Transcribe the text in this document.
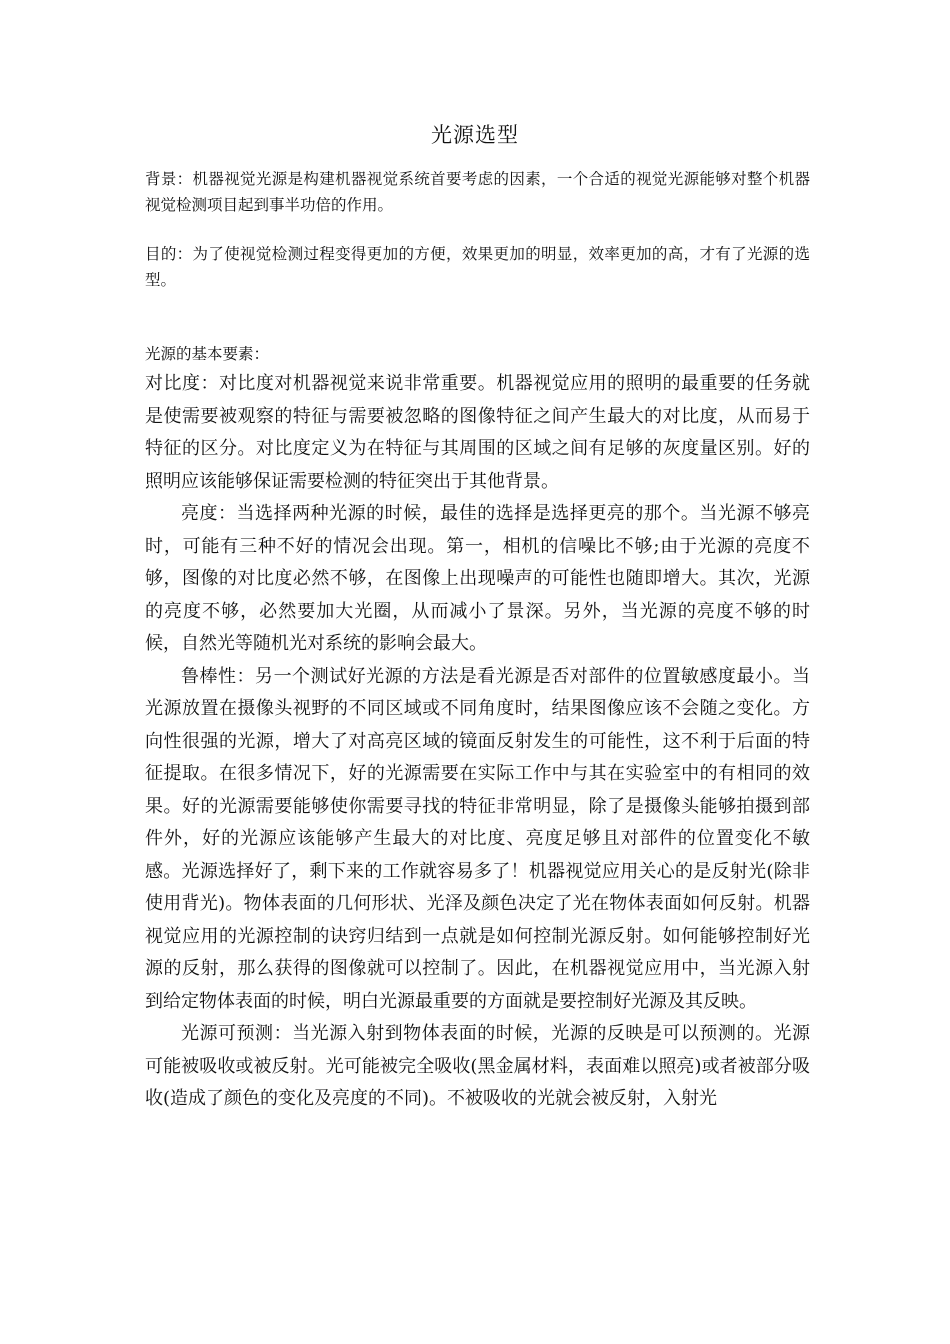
光源选型

背景：机器视觉光源是构建机器视觉系统首要考虑的因素，一个合适的视觉光源能够对整个机器视觉检测项目起到事半功倍的作用。

目的：为了使视觉检测过程变得更加的方便，效果更加的明显，效率更加的高，才有了光源的选型。

光源的基本要素：

对比度：对比度对机器视觉来说非常重要。机器视觉应用的照明的最重要的任务就是使需要被观察的特征与需要被忽略的图像特征之间产生最大的对比度，从而易于特征的区分。对比度定义为在特征与其周围的区域之间有足够的灰度量区别。好的照明应该能够保证需要检测的特征突出于其他背景。

亮度：当选择两种光源的时候，最佳的选择是选择更亮的那个。当光源不够亮时，可能有三种不好的情况会出现。第一，相机的信噪比不够;由于光源的亮度不够，图像的对比度必然不够，在图像上出现噪声的可能性也随即增大。其次，光源的亮度不够，必然要加大光圈，从而减小了景深。另外，当光源的亮度不够的时候，自然光等随机光对系统的影响会最大。

鲁棒性：另一个测试好光源的方法是看光源是否对部件的位置敏感度最小。当光源放置在摄像头视野的不同区域或不同角度时，结果图像应该不会随之变化。方向性很强的光源，增大了对高亮区域的镜面反射发生的可能性，这不利于后面的特征提取。在很多情况下，好的光源需要在实际工作中与其在实验室中的有相同的效果。好的光源需要能够使你需要寻找的特征非常明显，除了是摄像头能够拍摄到部件外，好的光源应该能够产生最大的对比度、亮度足够且对部件的位置变化不敏感。光源选择好了，剩下来的工作就容易多了！机器视觉应用关心的是反射光(除非使用背光)。物体表面的几何形状、光泽及颜色决定了光在物体表面如何反射。机器视觉应用的光源控制的诀窍归结到一点就是如何控制光源反射。如何能够控制好光源的反射，那么获得的图像就可以控制了。因此，在机器视觉应用中，当光源入射到给定物体表面的时候，明白光源最重要的方面就是要控制好光源及其反映。

光源可预测：当光源入射到物体表面的时候，光源的反映是可以预测的。光源可能被吸收或被反射。光可能被完全吸收(黑金属材料，表面难以照亮)或者被部分吸收(造成了颜色的变化及亮度的不同)。不被吸收的光就会被反射，入射光
